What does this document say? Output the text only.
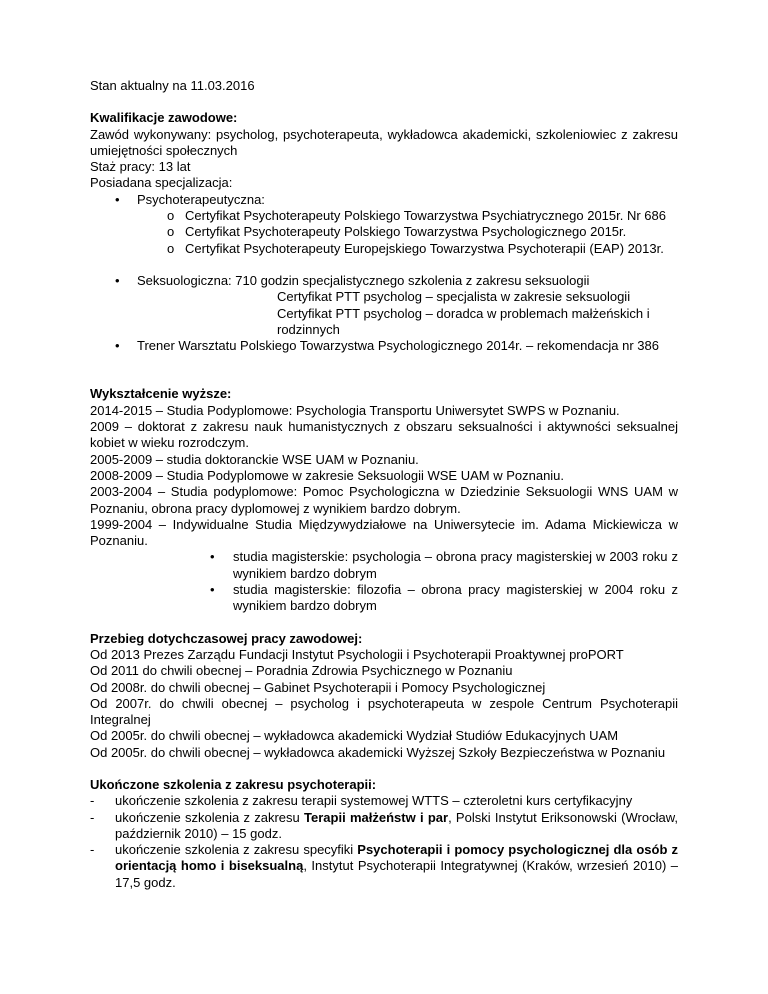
Stan aktualny na 11.03.2016

Kwalifikacje zawodowe:

Zawód wykonywany: psycholog, psychoterapeuta, wykładowca akademicki, szkoleniowiec z zakresu umiejętności społecznych

Staż pracy: 13 lat

Posiadana specjalizacja:

• Psychoterapeutyczna:
o Certyfikat Psychoterapeuty Polskiego Towarzystwa Psychiatrycznego 2015r. Nr 686
o Certyfikat Psychoterapeuty Polskiego Towarzystwa Psychologicznego 2015r.
o Certyfikat Psychoterapeuty Europejskiego Towarzystwa Psychoterapii (EAP) 2013r.
• Seksuologiczna: 710 godzin specjalistycznego szkolenia z zakresu seksuologii
Certyfikat PTT psycholog – specjalista w zakresie seksuologii
Certyfikat PTT psycholog – doradca w problemach małżeńskich i rodzinnych
• Trener Warsztatu Polskiego Towarzystwa Psychologicznego 2014r. – rekomendacja nr 386

Wykształcenie wyższe:

2014-2015 – Studia Podyplomowe: Psychologia Transportu Uniwersytet SWPS w Poznaniu.

2009 – doktorat z zakresu nauk humanistycznych z obszaru seksualności i aktywności seksualnej kobiet w wieku rozrodczym.

2005-2009 – studia doktoranckie WSE UAM w Poznaniu.

2008-2009 – Studia Podyplomowe w zakresie Seksuologii WSE UAM w Poznaniu.

2003-2004 – Studia podyplomowe: Pomoc Psychologiczna w Dziedzinie Seksuologii WNS UAM w Poznaniu, obrona pracy dyplomowej z wynikiem bardzo dobrym.

1999-2004 – Indywidualne Studia Międzywydziałowe na Uniwersytecie im. Adama Mickiewicza w Poznaniu.

• studia magisterskie: psychologia – obrona pracy magisterskiej w 2003 roku z wynikiem bardzo dobrym
• studia magisterskie: filozofia – obrona pracy magisterskiej w 2004 roku z wynikiem bardzo dobrym

Przebieg dotychczasowej pracy zawodowej:

Od 2013 Prezes Zarządu Fundacji Instytut Psychologii i Psychoterapii Proaktywnej proPORT

Od 2011 do chwili obecnej – Poradnia Zdrowia Psychicznego w Poznaniu

Od 2008r. do chwili obecnej – Gabinet Psychoterapii i Pomocy Psychologicznej

Od 2007r. do chwili obecnej – psycholog i psychoterapeuta w zespole Centrum Psychoterapii Integralnej

Od 2005r. do chwili obecnej – wykładowca akademicki Wydział Studiów Edukacyjnych UAM

Od 2005r. do chwili obecnej – wykładowca akademicki Wyższej Szkoły Bezpieczeństwa w Poznaniu

Ukończone szkolenia z zakresu psychoterapii:

- ukończenie szkolenia z zakresu terapii systemowej WTTS – czteroletni kurs certyfikacyjny
- ukończenie szkolenia z zakresu Terapii małżeństw i par, Polski Instytut Eriksonowski (Wrocław, październik 2010) – 15 godz.
- ukończenie szkolenia z zakresu specyfiki Psychoterapii i pomocy psychologicznej dla osób z orientacją homo i biseksualną, Instytut Psychoterapii Integratywnej (Kraków, wrzesień 2010) – 17,5 godz.
